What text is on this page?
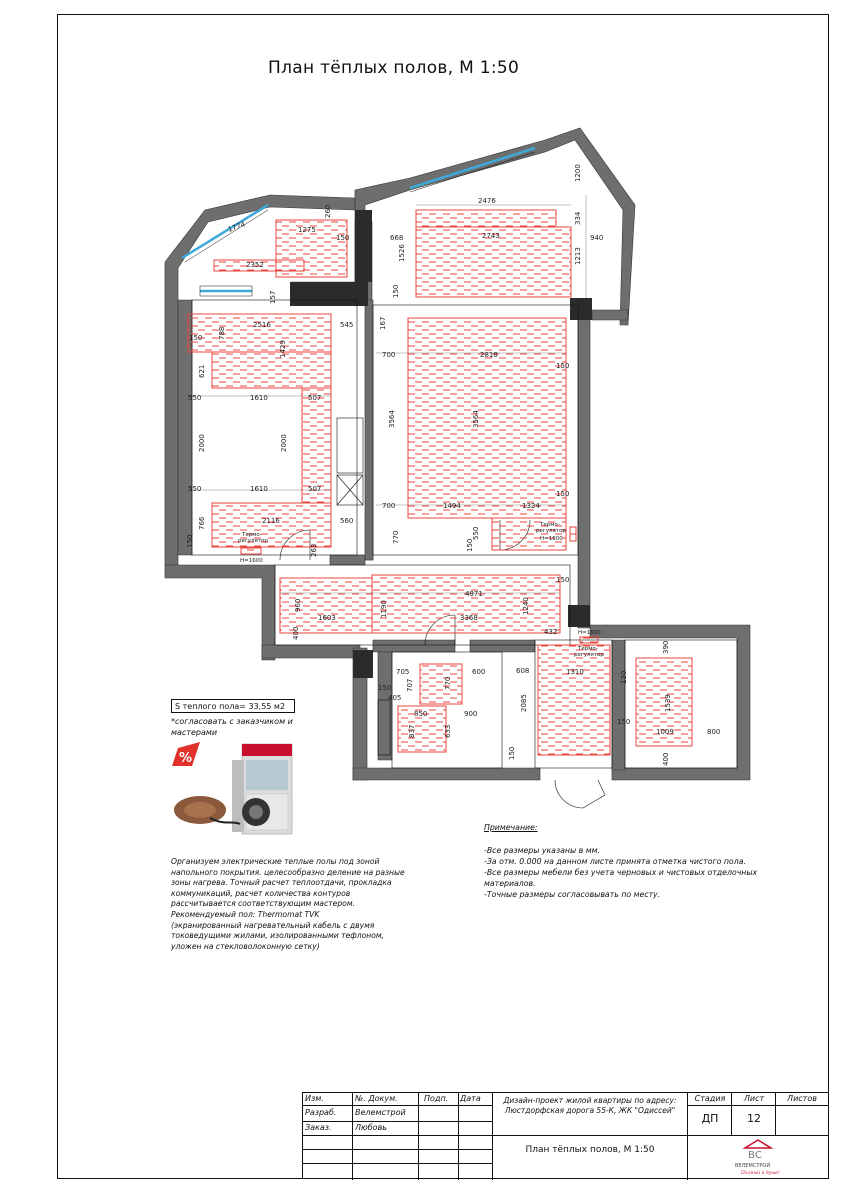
План тёплых полов, М 1:50
2476
1200
334
668	2743	940
1526	1213
150
1275
150
2352
1774
260
2516	545
150 788
1429
621
550	1610	507
2000	2000
550	1610	507
766	2116	560
150
167
700	2818
150
3564	3564
700	1494	1324
150
4971
1190	3368
1240
432
150
1603
960
400
705	600
707
405
770
850	900
837	633
608
2085
1310	130
390
1539
150
1009	800
400
150
263
157
150
550
770
150
Термо-
регулятор
Н=1600
Термо-
регулятор
Н=1600
Н=1600
Термо-
регулятор
S теплого пола= 33,55 м2
*согласовать с заказчиком и мастерами
%

Организуем электрические теплые полы под зоной напольного покрытия. целесообразно деление на разные зоны нагрева. Точный расчет теплоотдачи, прокладка коммуникаций, расчет количества контуров рассчитывается соответствующим мастером.

Рекомендуемый пол: Thermomat TVK

(экранированный нагревательный кабель с двумя токоведущими жилами, изолированными тефлоном, уложен на стекловолоконную сетку)

Примечание:

-Все размеры указаны в мм.

-За отм. 0.000 на данном листе принята отметка чистого пола.

-Все размеры мебели без учета черновых и чистовых отделочных материалов.

-Точные размеры согласовывать по месту.

Изм.	№. Докум.	Подп. Дата
Разраб. Велемстрой
Заказ.	Любовь
Дизайн-проект жилой квартиры по адресу: Люстдорфская дорога 55-К, ЖК "Одиссей"
План тёплых полов, М 1:50
Стадия	Лист	Листов
ДП	12
ВС
ВЕЛЕМСТРОЙ
Полный к душе!
